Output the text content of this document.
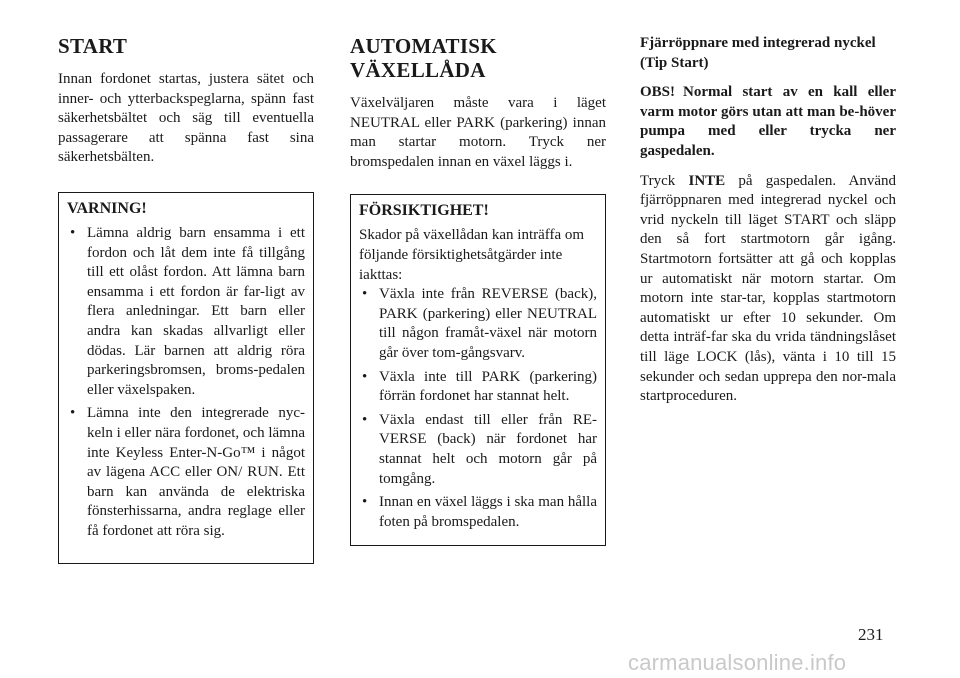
START

Innan fordonet startas, justera sätet och inner- och ytterbackspeglarna, spänn fast säkerhetsbältet och säg till eventuella passagerare att spänna fast sina säkerhetsbälten.

VARNING!
• Lämna aldrig barn ensamma i ett fordon och låt dem inte få tillgång till ett olåst fordon. Att lämna barn ensamma i ett fordon är far-ligt av flera anledningar. Ett barn eller andra kan skadas allvarligt eller dödas. Lär barnen att aldrig röra parkeringsbromsen, broms-pedalen eller växelspaken.
• Lämna inte den integrerade nyc-keln i eller nära fordonet, och lämna inte Keyless Enter-N-Go™ i något av lägena ACC eller ON/ RUN. Ett barn kan använda de elektriska fönsterhissarna, andra reglage eller få fordonet att röra sig.
AUTOMATISK
VÄXELLÅDA

Växelväljaren måste vara i läget NEUTRAL eller PARK (parkering) innan man startar motorn. Tryck ner bromspedalen innan en växel läggs i.

FÖRSIKTIGHET!

Skador på växellådan kan inträffa om följande försiktighetsåtgärder inte iakttas:

• Växla inte från REVERSE (back), PARK (parkering) eller NEUTRAL till någon framåt-växel när motorn går över tom-gångsvarv.
• Växla inte till PARK (parkering) förrän fordonet har stannat helt.
• Växla endast till eller från RE-VERSE (back) när fordonet har stannat helt och motorn går på tomgång.
• Innan en växel läggs i ska man hålla foten på bromspedalen.
Fjärröppnare med integrerad nyckel (Tip Start)

OBS! Normal start av en kall eller varm motor görs utan att man be-höver pumpa med eller trycka ner gaspedalen.

Tryck INTE på gaspedalen. Använd fjärröppnaren med integrerad nyckel och vrid nyckeln till läget START och släpp den så fort startmotorn går igång. Startmotorn fortsätter att gå och kopplas ur automatiskt när motorn startar. Om motorn inte star-tar, kopplas startmotorn automatiskt ur efter 10 sekunder. Om detta inträf-far ska du vrida tändningslåset till läge LOCK (lås), vänta i 10 till 15 sekunder och sedan upprepa den nor-mala startproceduren.

231
carmanualsonline.info
